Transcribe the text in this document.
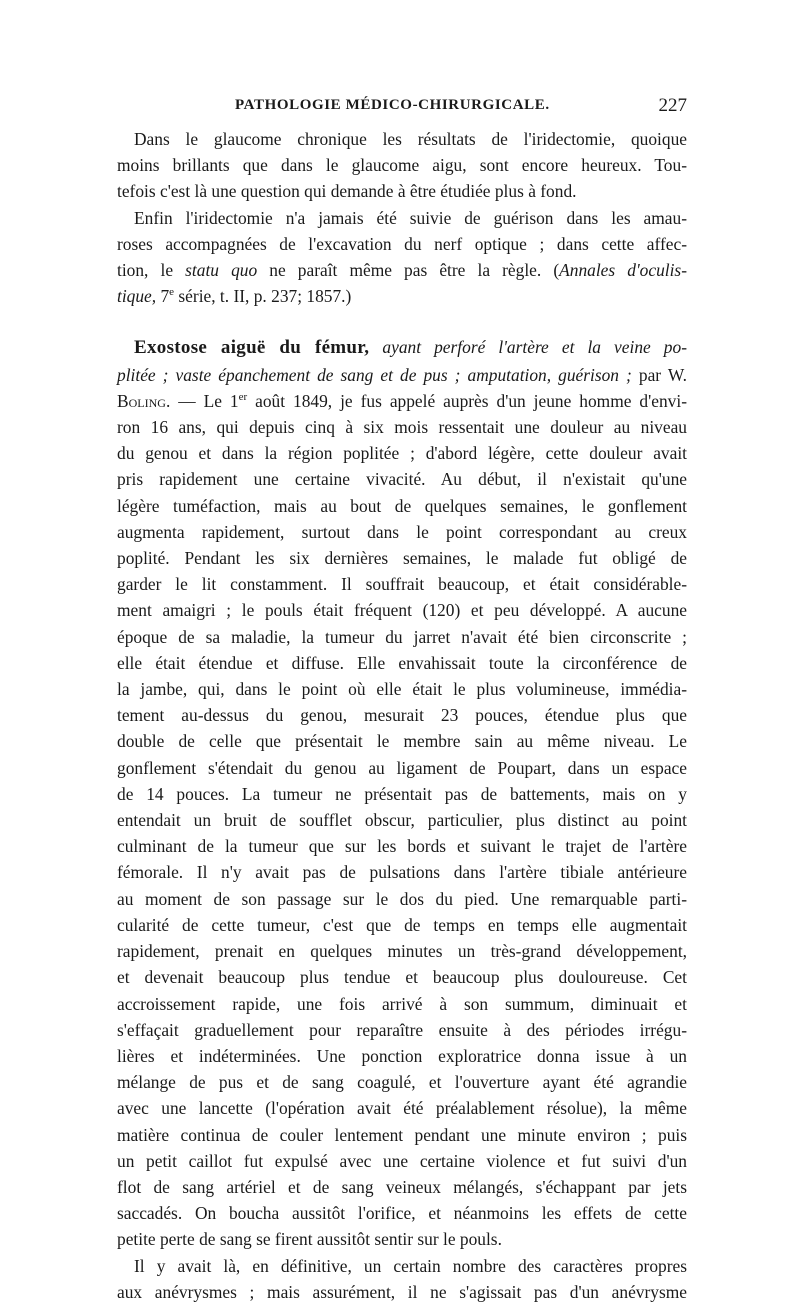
PATHOLOGIE MÉDICO-CHIRURGICALE.	227
Dans le glaucome chronique les résultats de l'iridectomie, quoique
moins brillants que dans le glaucome aigu, sont encore heureux. Tou-
tefois c'est là une question qui demande à être étudiée plus à fond.
Enfin l'iridectomie n'a jamais été suivie de guérison dans les amau-
roses accompagnées de l'excavation du nerf optique ; dans cette affec-
tion, le statu quo ne paraît même pas être la règle. (Annales d'oculis-
tique, 7e série, t. II, p. 237; 1857.)
Exostose aiguë du fémur, ayant perforé l'artère et la veine po-
plitée ; vaste épanchement de sang et de pus ; amputation, guérison ; par W.
Boling. — Le 1er août 1849, je fus appelé auprès d'un jeune homme d'envi-
ron 16 ans, qui depuis cinq à six mois ressentait une douleur au niveau
du genou et dans la région poplitée ; d'abord légère, cette douleur avait
pris rapidement une certaine vivacité. Au début, il n'existait qu'une
légère tuméfaction, mais au bout de quelques semaines, le gonflement
augmenta rapidement, surtout dans le point correspondant au creux
poplité. Pendant les six dernières semaines, le malade fut obligé de
garder le lit constamment. Il souffrait beaucoup, et était considérable-
ment amaigri ; le pouls était fréquent (120) et peu développé. A aucune
époque de sa maladie, la tumeur du jarret n'avait été bien circonscrite ;
elle était étendue et diffuse. Elle envahissait toute la circonférence de
la jambe, qui, dans le point où elle était le plus volumineuse, immédia-
tement au-dessus du genou, mesurait 23 pouces, étendue plus que
double de celle que présentait le membre sain au même niveau. Le
gonflement s'étendait du genou au ligament de Poupart, dans un espace
de 14 pouces. La tumeur ne présentait pas de battements, mais on y
entendait un bruit de soufflet obscur, particulier, plus distinct au point
culminant de la tumeur que sur les bords et suivant le trajet de l'artère
fémorale. Il n'y avait pas de pulsations dans l'artère tibiale antérieure
au moment de son passage sur le dos du pied. Une remarquable parti-
cularité de cette tumeur, c'est que de temps en temps elle augmentait
rapidement, prenait en quelques minutes un très-grand développement,
et devenait beaucoup plus tendue et beaucoup plus douloureuse. Cet
accroissement rapide, une fois arrivé à son summum, diminuait et
s'effaçait graduellement pour reparaître ensuite à des périodes irrégu-
lières et indéterminées. Une ponction exploratrice donna issue à un
mélange de pus et de sang coagulé, et l'ouverture ayant été agrandie
avec une lancette (l'opération avait été préalablement résolue), la même
matière continua de couler lentement pendant une minute environ ; puis
un petit caillot fut expulsé avec une certaine violence et fut suivi d'un
flot de sang artériel et de sang veineux mélangés, s'échappant par jets
saccadés. On boucha aussitôt l'orifice, et néanmoins les effets de cette
petite perte de sang se firent aussitôt sentir sur le pouls.
Il y avait là, en définitive, un certain nombre des caractères propres
aux anévrysmes ; mais assurément, il ne s'agissait pas d'un anévrysme
